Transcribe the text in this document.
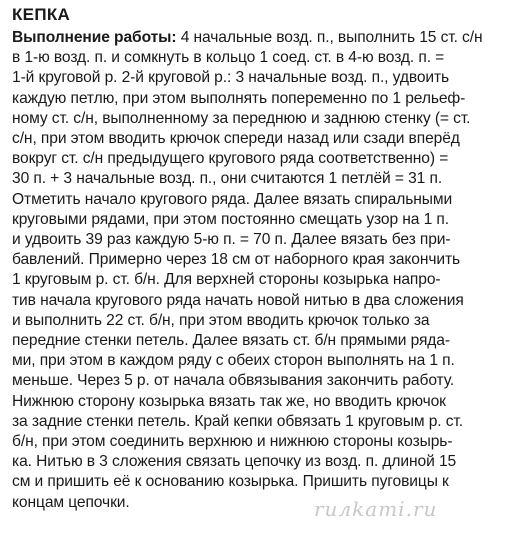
КЕПКА
Выполнение работы: 4 начальные возд. п., выполнить 15 ст. с/н
в 1-ю возд. п. и сомкнуть в кольцо 1 соед. ст. в 4-ю возд. п. =
1-й круговой р. 2-й круговой р.: 3 начальные возд. п., удвоить
каждую петлю, при этом выполнять попеременно по 1 рельеф-
ному ст. с/н, выполненному за переднюю и заднюю стенку (= ст.
с/н, при этом вводить крючок спереди назад или сзади вперёд
вокруг ст. с/н предыдущего кругового ряда соответственно) =
30 п. + 3 начальные возд. п., они считаются 1 петлёй = 31 п.
Отметить начало кругового ряда. Далее вязать спиральными
круговыми рядами, при этом постоянно смещать узор на 1 п.
и удвоить 39 раз каждую 5-ю п. = 70 п. Далее вязать без при-
бавлений. Примерно через 18 см от наборного края закончить
1 круговым р. ст. б/н. Для верхней стороны козырька напро-
тив начала кругового ряда начать новой нитью в два сложения
и выполнить 22 ст. б/н, при этом вводить крючок только за
передние стенки петель. Далее вязать ст. б/н прямыми рядa-
ми, при этом в каждом ряду с обеих сторон выполнять на 1 п.
меньше. Через 5 р. от начала обвязывания закончить работу.
Нижнюю сторону козырька вязать так же, но вводить крючок
за задние стенки петель. Край кепки обвязать 1 круговым р. ст.
б/н, при этом соединить верхнюю и нижнюю стороны козырь-
ка. Нитью в 3 сложения связать цепочку из возд. п. длиной 15
см и пришить её к основанию козырька. Пришить пуговицы к
концам цепочки.	ruлkami.ru
